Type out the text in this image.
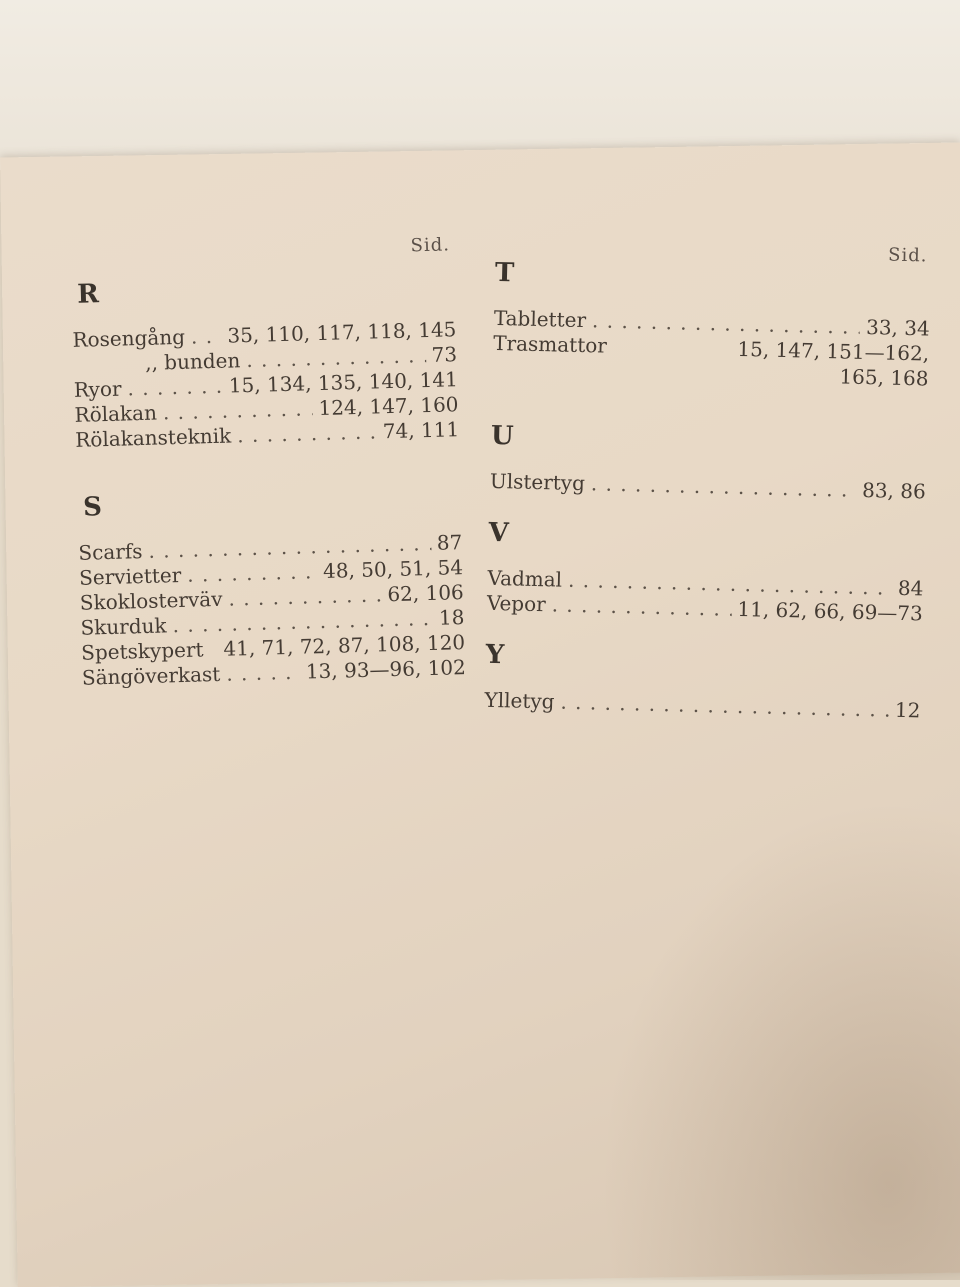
Sid.
R
Rosengång . . . 35, 110, 117, 118, 145
,, bunden . . .	73
Ryor . . .	15, 134, 135, 140, 141
Rölakan . . .	124, 147, 160
Rölakansteknik . . .	74, 111
S
Scarfs . . .	87
Servietter . . .	48, 50, 51, 54
Skoklosterväv . . .	62, 106
Skurduk . . .	18
Spetskypert 41, 71, 72, 87, 108, 120
Sängöverkast . . .	13, 93—96, 102
Sid.
T
Tabletter . . .	33, 34
Trasmattor	15, 147, 151—162,
165, 168
U
Ulstertyg . . .	83, 86
V
Vadmal . . .	84
Vepor . . .	11, 62, 66, 69—73
Y
Ylletyg . . .	12
